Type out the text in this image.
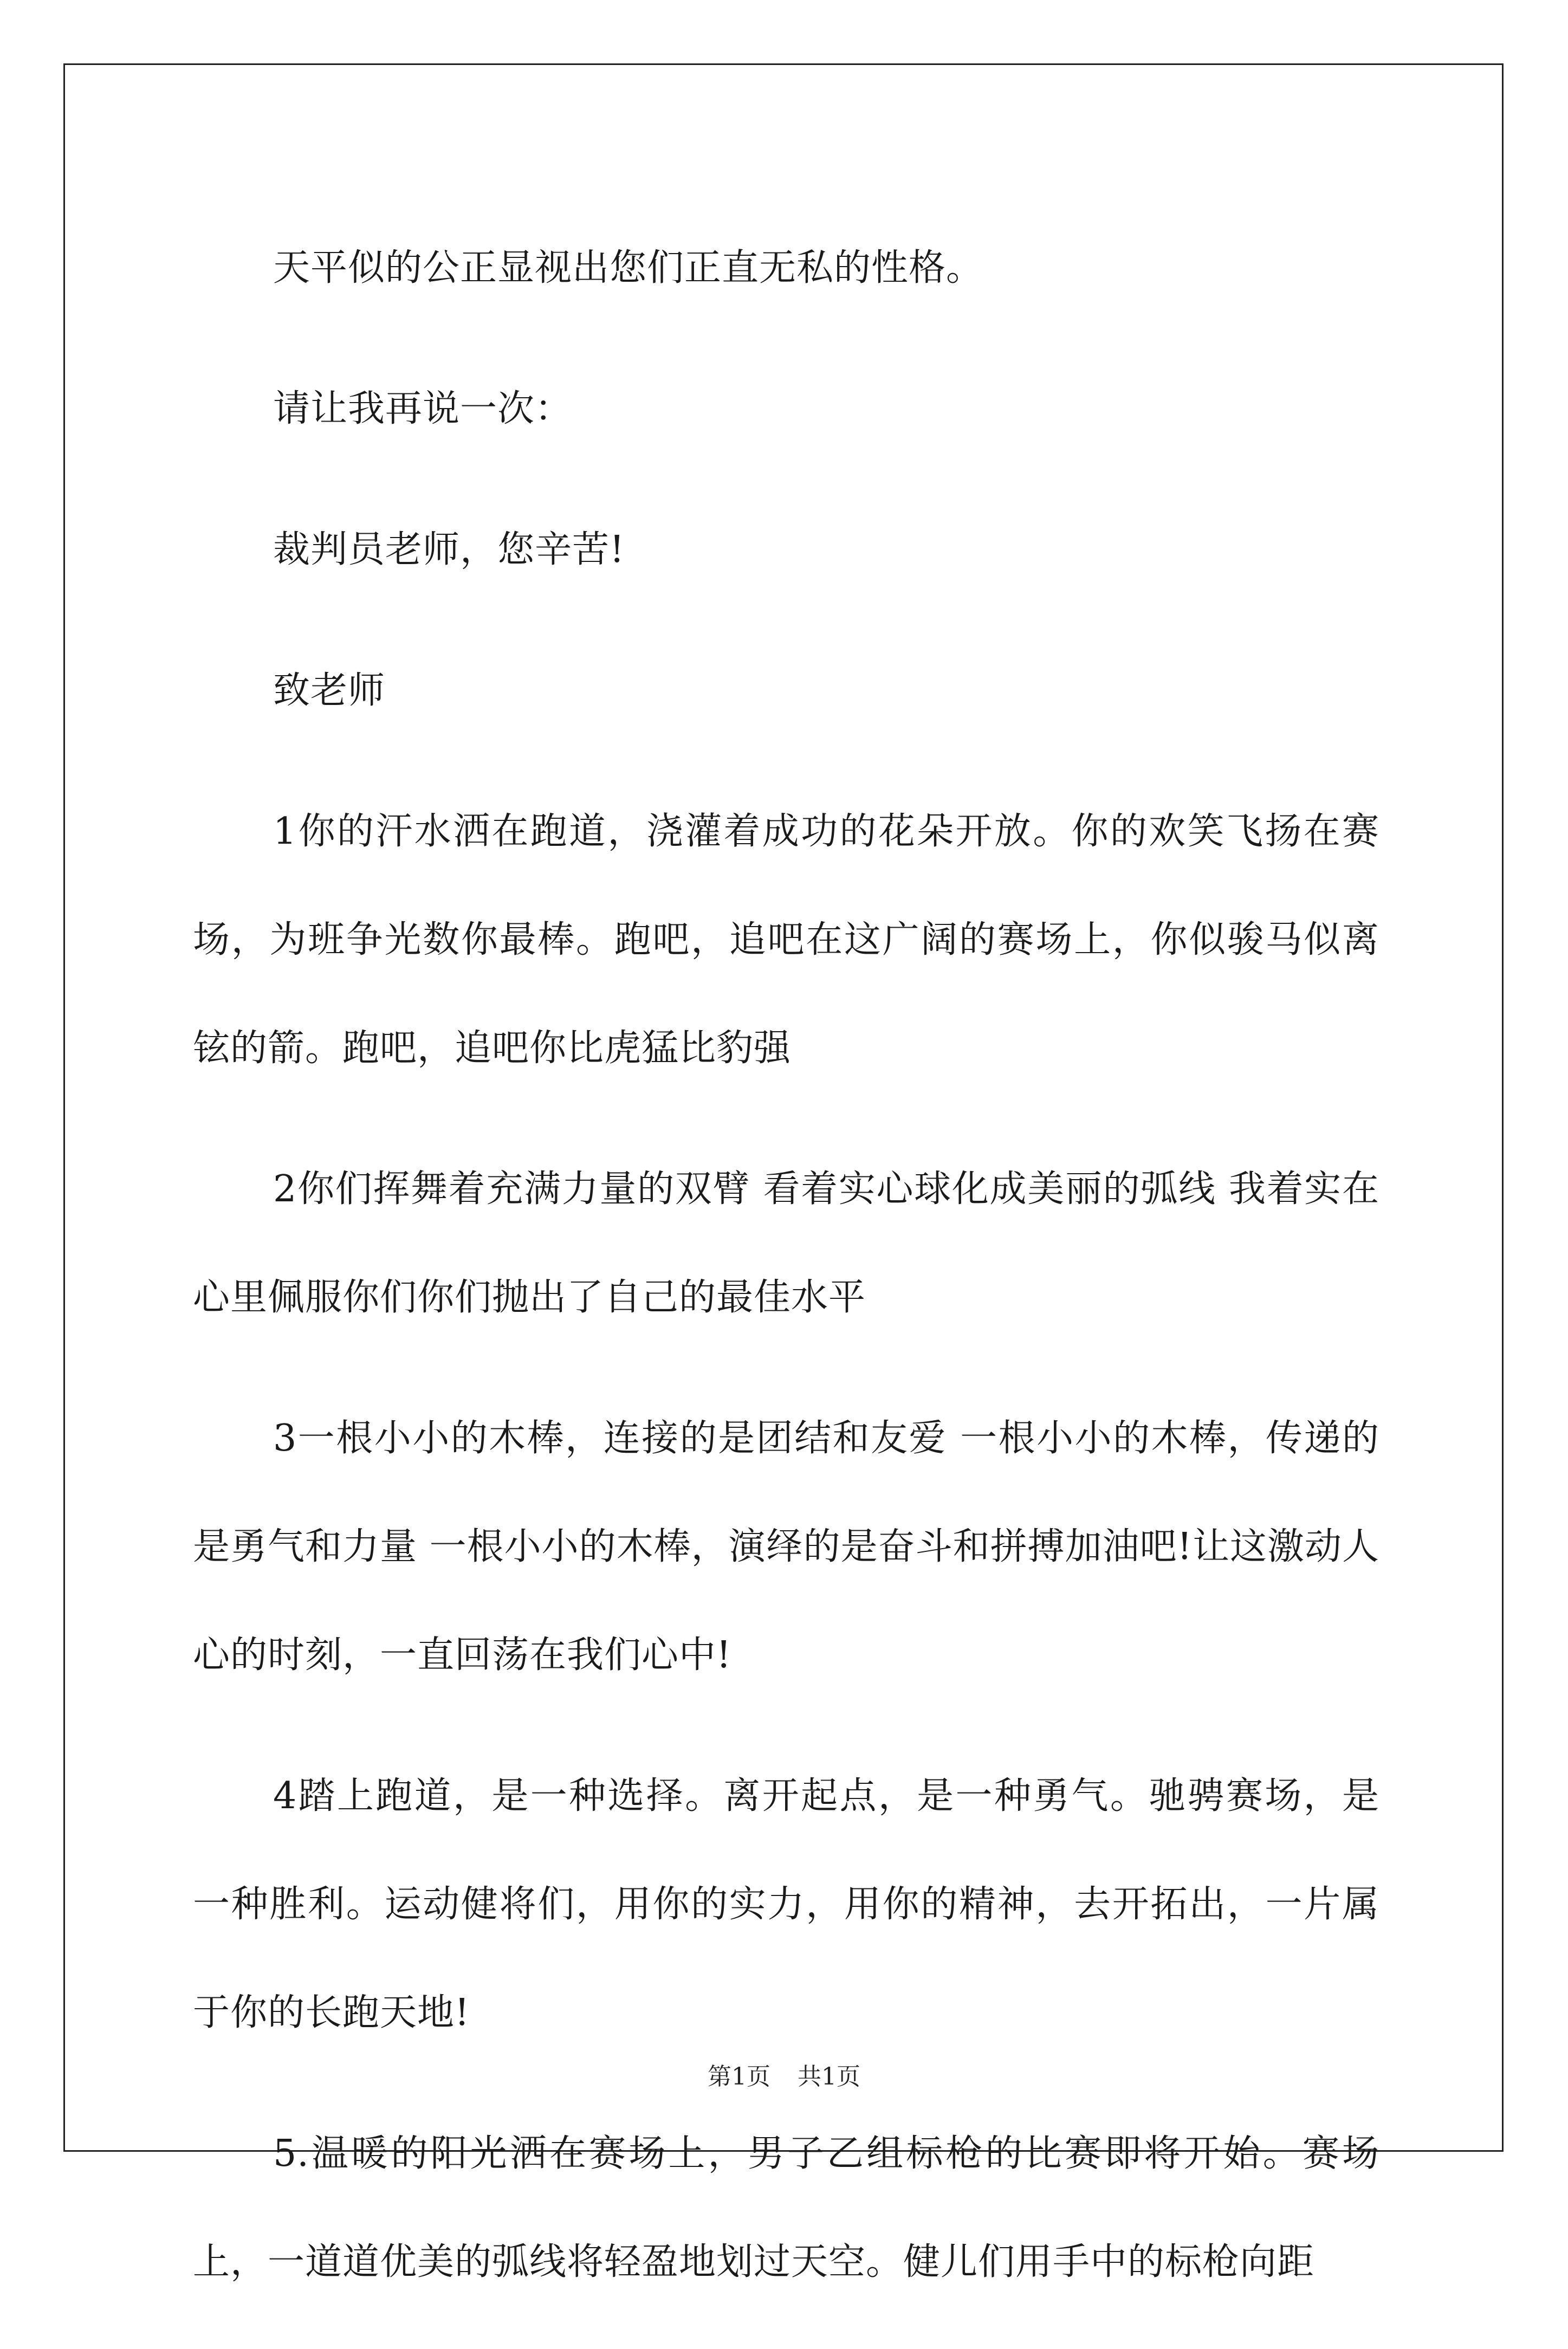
天平似的公正显视出您们正直无私的性格。

请让我再说一次：

裁判员老师，您辛苦!

致老师

1你的汗水洒在跑道，浇灌着成功的花朵开放。你的欢笑飞扬在赛场，为班争光数你最棒。跑吧，追吧在这广阔的赛场上，你似骏马似离铉的箭。跑吧，追吧你比虎猛比豹强

2你们挥舞着充满力量的双臂 看着实心球化成美丽的弧线 我着实在心里佩服你们你们抛出了自己的最佳水平

3一根小小的木棒，连接的是团结和友爱 一根小小的木棒，传递的是勇气和力量 一根小小的木棒，演绎的是奋斗和拼搏加油吧!让这激动人心的时刻，一直回荡在我们心中!

4踏上跑道，是一种选择。离开起点，是一种勇气。驰骋赛场，是一种胜利。运动健将们，用你的实力，用你的精神，去开拓出，一片属于你的长跑天地!

5.温暖的阳光洒在赛场上，男子乙组标枪的比赛即将开始。赛场上，一道道优美的弧线将轻盈地划过天空。健儿们用手中的标枪向距

第1页 共1页
